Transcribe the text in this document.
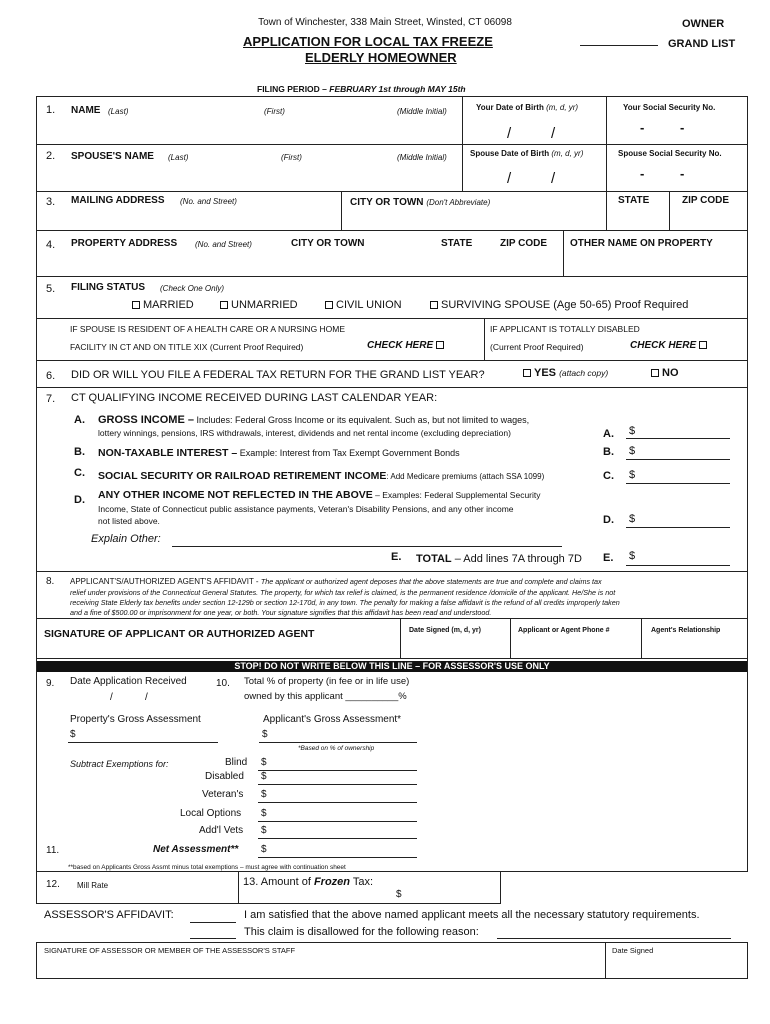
Town of Winchester, 338 Main Street, Winsted, CT 06098
APPLICATION FOR LOCAL TAX FREEZE
ELDERLY HOMEOWNER
OWNER
GRAND LIST
FILING PERIOD – FEBRUARY 1st through MAY 15th
1. NAME (Last)	(First)	(Middle Initial)	Your Date of Birth (m, d, yr)	Your Social Security No.
/	/	-	-
2. SPOUSE'S NAME (Last)	(First)	(Middle Initial)	Spouse Date of Birth (m, d, yr)	Spouse Social Security No.
/	/	-	-
3. MAILING ADDRESS (No. and Street)	CITY OR TOWN (Don't Abbreviate)	STATE	ZIP CODE
4. PROPERTY ADDRESS (No. and Street)	CITY OR TOWN	STATE	ZIP CODE OTHER NAME ON PROPERTY
5. FILING STATUS (Check One Only)
MARRIED	UNMARRIED	CIVIL UNION	SURVIVING SPOUSE (Age 50-65) Proof Required
IF SPOUSE IS RESIDENT OF A HEALTH CARE OR A NURSING HOME
FACILITY IN CT AND ON TITLE XIX (Current Proof Required)	CHECK HERE
IF APPLICANT IS TOTALLY DISABLED
(Current Proof Required)	CHECK HERE
6. DID OR WILL YOU FILE A FEDERAL TAX RETURN FOR THE GRAND LIST YEAR?	YES (attach copy)	NO
7. CT QUALIFYING INCOME RECEIVED DURING LAST CALENDAR YEAR:
A. GROSS INCOME – Includes: Federal Gross Income or its equivalent. Such as, but not limited to wages,
lottery winnings, pensions, IRS withdrawals, interest, dividends and net rental income (excluding depreciation)
B. NON-TAXABLE INTEREST – Example: Interest from Tax Exempt Government Bonds
C. SOCIAL SECURITY OR RAILROAD RETIREMENT INCOME: Add Medicare premiums (attach SSA 1099)
D. ANY OTHER INCOME NOT REFLECTED IN THE ABOVE – Examples: Federal Supplemental Security
Income, State of Connecticut public assistance payments, Veteran's Disability Pensions, and any other income
not listed above.
Explain Other:
E. TOTAL – Add lines 7A through 7D
A. $
B. $
C. $
D. $
E. $
8. APPLICANT'S/AUTHORIZED AGENT'S AFFIDAVIT - The applicant or authorized agent deposes that the above statements are true and complete and claims tax
relief under provisions of the Connecticut General Statutes. The property, for which tax relief is claimed, is the permanent residence /domicile of the applicant. He/She is not
receiving State Elderly tax benefits under section 12-129b or section 12-170d, in any town. The penalty for making a false affidavit is the refund of all credits improperly taken
and a fine of $500.00 or imprisonment for one year, or both. Your signature signifies that this affidavit has been read and understood.
SIGNATURE OF APPLICANT OR AUTHORIZED AGENT	Date Signed (m, d, yr)	Applicant or Agent Phone #	Agent's Relationship
STOP! DO NOT WRITE BELOW THIS LINE – FOR ASSESSOR'S USE ONLY
9. Date Application Received
/	/
10. Total % of property (in fee or in life use)
owned by this applicant __________%
Property's Gross Assessment
$
Applicant's Gross Assessment*
$
*Based on % of ownership
Subtract Exemptions for:	Blind $
Disabled $
Veteran's $
Local Options $
Add'l Vets $
11.	Net Assessment** $
**based on Applicants Gross Assmt minus total exemptions – must agree with continuation sheet
12. Mill Rate	13. Amount of Frozen Tax:
$
ASSESSOR'S AFFIDAVIT:	I am satisfied that the above named applicant meets all the necessary statutory requirements.
This claim is disallowed for the following reason:
SIGNATURE OF ASSESSOR OR MEMBER OF THE ASSESSOR'S STAFF	Date Signed
